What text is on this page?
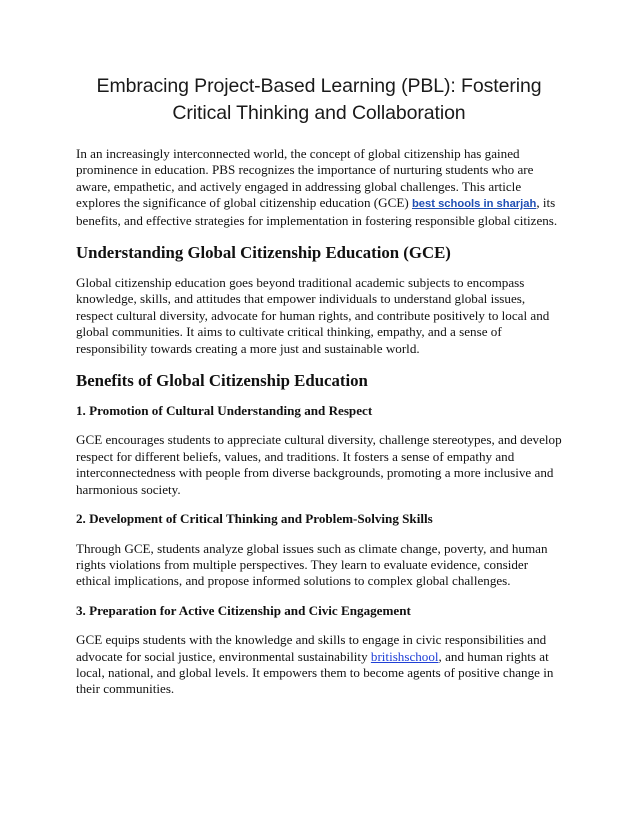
Embracing Project-Based Learning (PBL): Fostering Critical Thinking and Collaboration

In an increasingly interconnected world, the concept of global citizenship has gained prominence in education. PBS recognizes the importance of nurturing students who are aware, empathetic, and actively engaged in addressing global challenges. This article explores the significance of global citizenship education (GCE) best schools in sharjah, its benefits, and effective strategies for implementation in fostering responsible global citizens.

Understanding Global Citizenship Education (GCE)

Global citizenship education goes beyond traditional academic subjects to encompass knowledge, skills, and attitudes that empower individuals to understand global issues, respect cultural diversity, advocate for human rights, and contribute positively to local and global communities. It aims to cultivate critical thinking, empathy, and a sense of responsibility towards creating a more just and sustainable world.

Benefits of Global Citizenship Education
1. Promotion of Cultural Understanding and Respect

GCE encourages students to appreciate cultural diversity, challenge stereotypes, and develop respect for different beliefs, values, and traditions. It fosters a sense of empathy and interconnectedness with people from diverse backgrounds, promoting a more inclusive and harmonious society.

2. Development of Critical Thinking and Problem-Solving Skills

Through GCE, students analyze global issues such as climate change, poverty, and human rights violations from multiple perspectives. They learn to evaluate evidence, consider ethical implications, and propose informed solutions to complex global challenges.

3. Preparation for Active Citizenship and Civic Engagement

GCE equips students with the knowledge and skills to engage in civic responsibilities and advocate for social justice, environmental sustainability britishschool, and human rights at local, national, and global levels. It empowers them to become agents of positive change in their communities.
